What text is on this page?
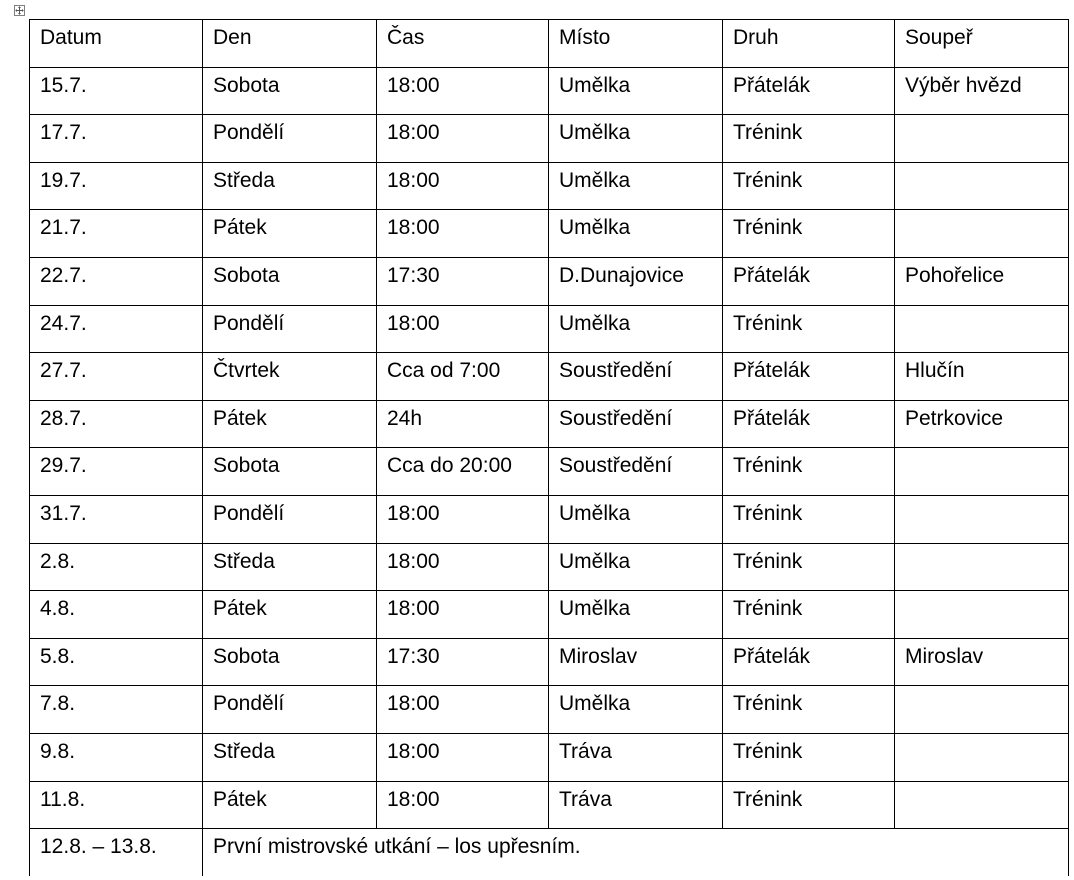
Datum	Den	Čas	Místo	Druh	Soupeř
15.7.	Sobota	18:00	Umělka	Přátelák	Výběr hvězd
17.7.	Pondělí	18:00	Umělka	Trénink	
19.7.	Středa	18:00	Umělka	Trénink	
21.7.	Pátek	18:00	Umělka	Trénink	
22.7.	Sobota	17:30	D.Dunajovice	Přátelák	Pohořelice
24.7.	Pondělí	18:00	Umělka	Trénink	
27.7.	Čtvrtek	Cca od 7:00	Soustředění	Přátelák	Hlučín
28.7.	Pátek	24h	Soustředění	Přátelák	Petrkovice
29.7.	Sobota	Cca do 20:00	Soustředění	Trénink	
31.7.	Pondělí	18:00	Umělka	Trénink	
2.8.	Středa	18:00	Umělka	Trénink	
4.8.	Pátek	18:00	Umělka	Trénink	
5.8.	Sobota	17:30	Miroslav	Přátelák	Miroslav
7.8.	Pondělí	18:00	Umělka	Trénink	
9.8.	Středa	18:00	Tráva	Trénink	
11.8.	Pátek	18:00	Tráva	Trénink	
12.8. – 13.8.	První mistrovské utkání – los upřesním.				
